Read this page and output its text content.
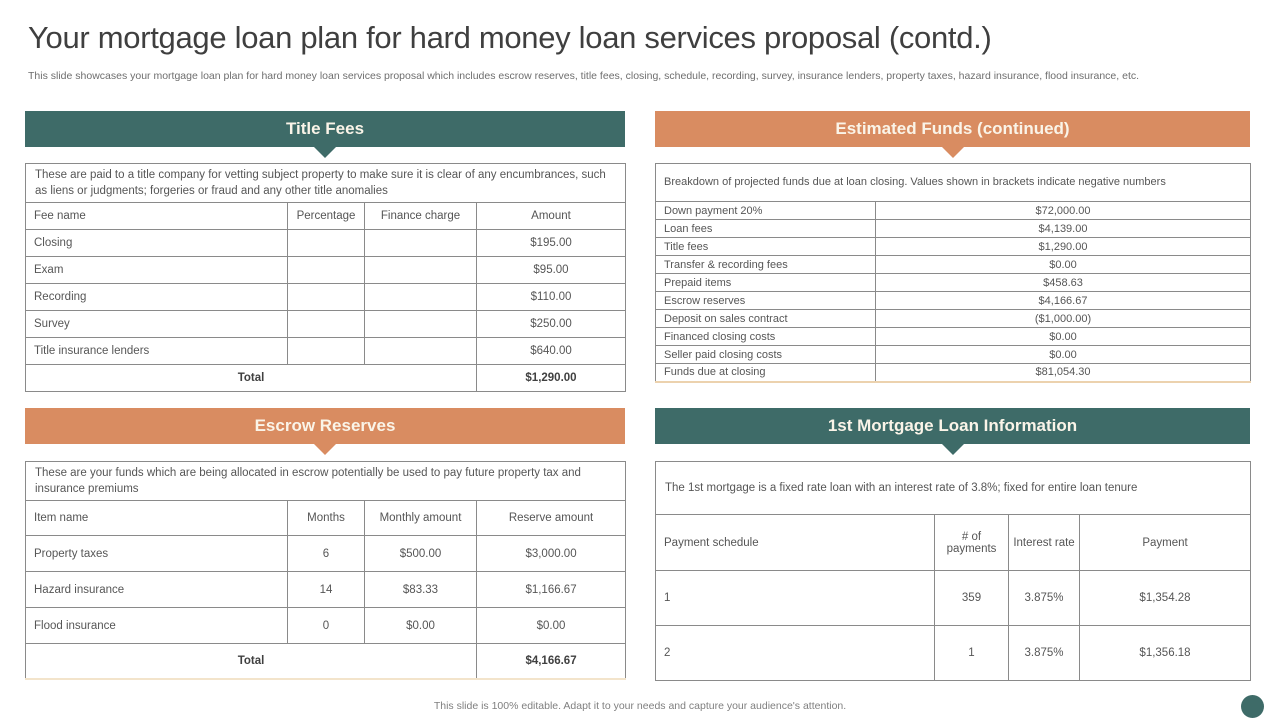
Your mortgage loan plan for hard money loan services proposal (contd.)

This slide showcases your mortgage loan plan for hard money loan services proposal which includes escrow reserves, title fees, closing, schedule, recording, survey, insurance lenders, property taxes, hazard insurance, flood insurance, etc.

Title Fees
These are paid to a title company for vetting subject property to make sure it is clear of any encumbrances, such as liens or judgments; forgeries or fraud and any other title anomalies			
Fee name	Percentage	Finance charge	Amount
Closing			$195.00
Exam			$95.00
Recording			$110.00
Survey			$250.00
Title insurance lenders			$640.00
Total			$1,290.00
Estimated Funds (continued)
Breakdown of projected funds due at loan closing. Values shown in brackets indicate negative numbers	
Down payment 20%	$72,000.00
Loan fees	$4,139.00
Title fees	$1,290.00
Transfer & recording fees	$0.00
Prepaid items	$458.63
Escrow reserves	$4,166.67
Deposit on sales contract	($1,000.00)
Financed closing costs	$0.00
Seller paid closing costs	$0.00
Funds due at closing	$81,054.30
Escrow Reserves
These are your funds which are being allocated in escrow potentially be used to pay future property tax and insurance premiums			
Item name	Months	Monthly amount	Reserve amount
Property taxes	6	$500.00	$3,000.00
Hazard insurance	14	$83.33	$1,166.67
Flood insurance	0	$0.00	$0.00
Total			$4,166.67
1st Mortgage Loan Information
The 1st mortgage is a fixed rate loan with an interest rate of 3.8%; fixed for entire loan tenure			
Payment schedule	# of payments	Interest rate	Payment
1	359	3.875%	$1,354.28
2	1	3.875%	$1,356.18
This slide is 100% editable. Adapt it to your needs and capture your audience's attention.
